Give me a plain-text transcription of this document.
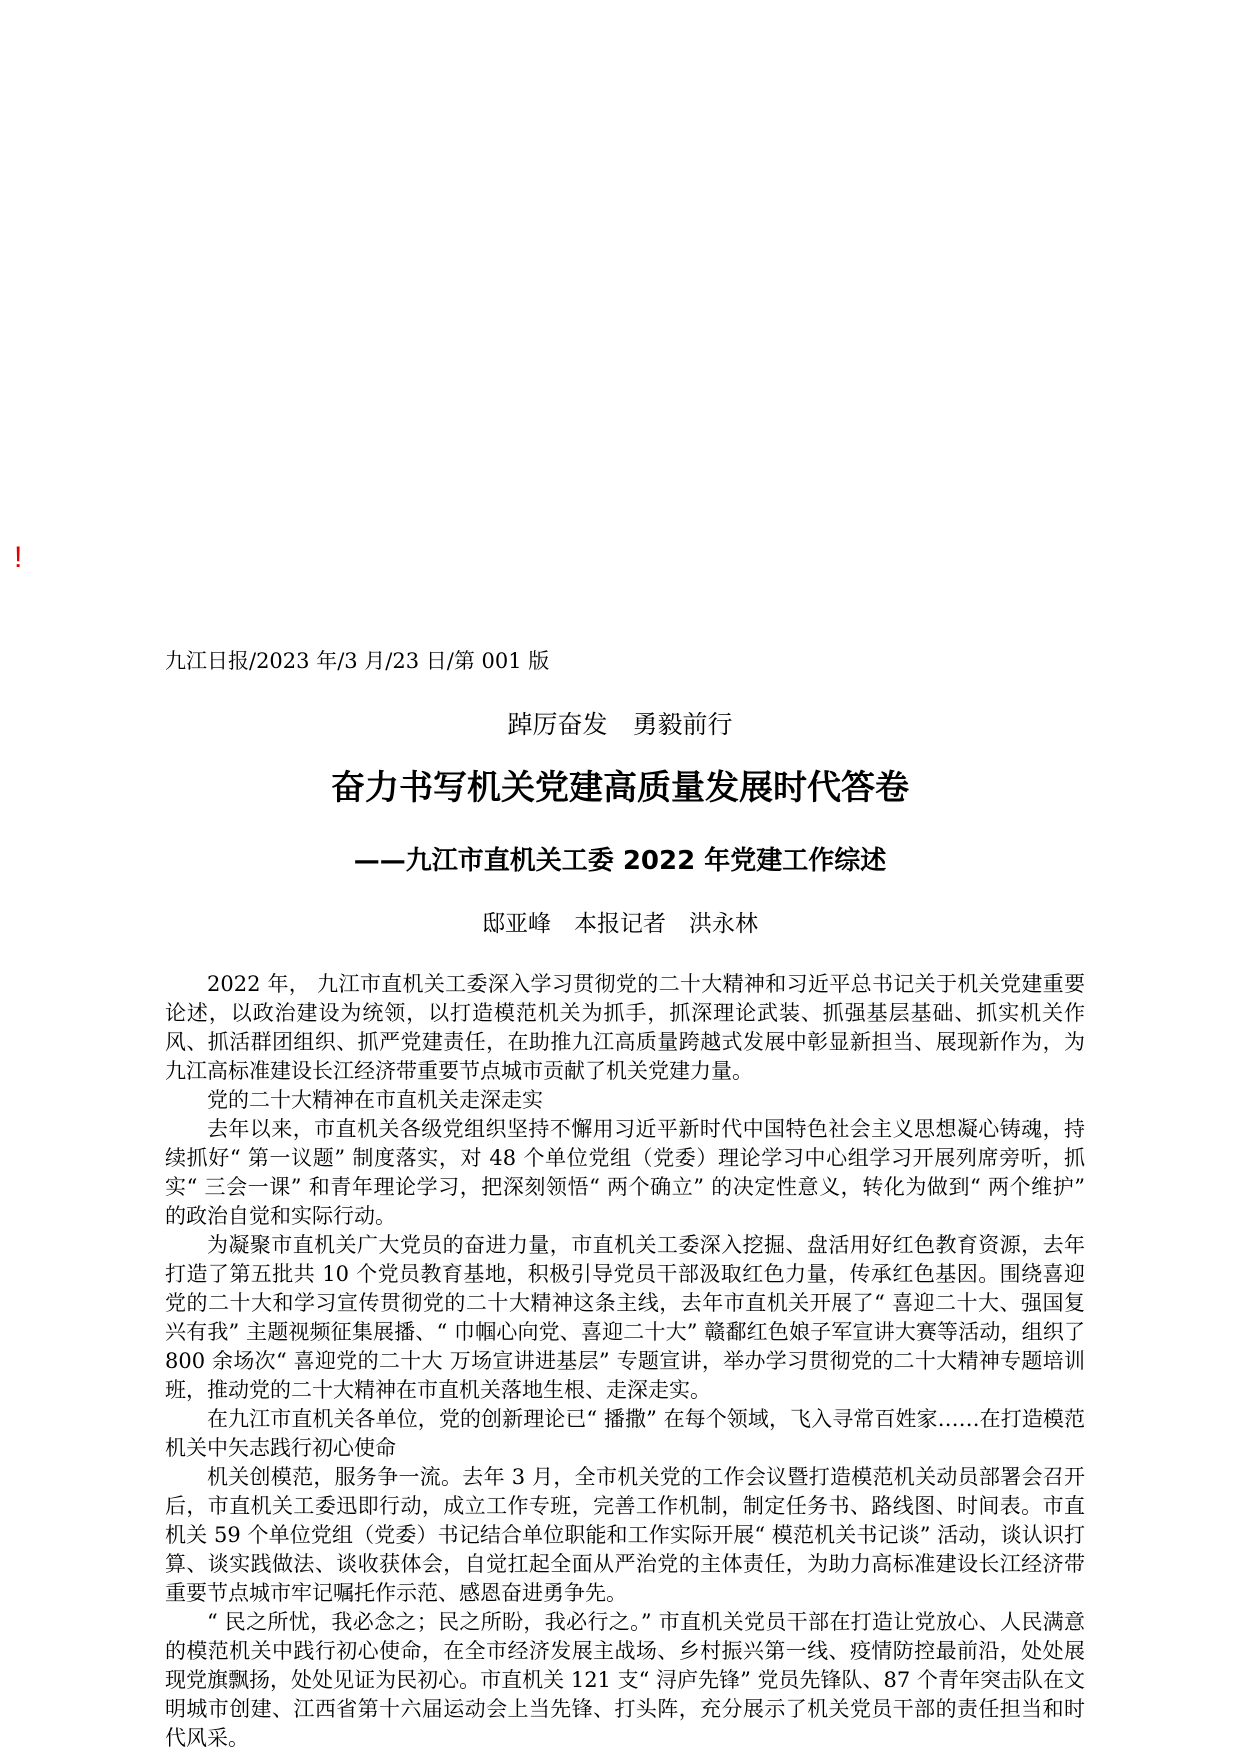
!
九江日报/2023 年/3 月/23 日/第 001 版
踔厉奋发　勇毅前行
奋力书写机关党建高质量发展时代答卷
——九江市直机关工委 2022 年党建工作综述
邸亚峰　本报记者　洪永林

2022 年， 九江市直机关工委深入学习贯彻党的二十大精神和习近平总书记关于机关党建重要论述，以政治建设为统领，以打造模范机关为抓手，抓深理论武装、抓强基层基础、抓实机关作风、抓活群团组织、抓严党建责任，在助推九江高质量跨越式发展中彰显新担当、展现新作为，为九江高标准建设长江经济带重要节点城市贡献了机关党建力量。

党的二十大精神在市直机关走深走实

去年以来，市直机关各级党组织坚持不懈用习近平新时代中国特色社会主义思想凝心铸魂，持续抓好“ 第一议题” 制度落实，对 48 个单位党组（党委）理论学习中心组学习开展列席旁听，抓实“ 三会一课” 和青年理论学习，把深刻领悟“ 两个确立” 的决定性意义，转化为做到“ 两个维护” 的政治自觉和实际行动。

为凝聚市直机关广大党员的奋进力量，市直机关工委深入挖掘、盘活用好红色教育资源，去年打造了第五批共 10 个党员教育基地，积极引导党员干部汲取红色力量，传承红色基因。围绕喜迎党的二十大和学习宣传贯彻党的二十大精神这条主线，去年市直机关开展了“ 喜迎二十大、强国复兴有我” 主题视频征集展播、“ 巾帼心向党、喜迎二十大” 赣鄱红色娘子军宣讲大赛等活动，组织了 800 余场次“ 喜迎党的二十大 万场宣讲进基层” 专题宣讲，举办学习贯彻党的二十大精神专题培训班，推动党的二十大精神在市直机关落地生根、走深走实。

在九江市直机关各单位，党的创新理论已“ 播撒” 在每个领域，飞入寻常百姓家……在打造模范机关中矢志践行初心使命

机关创模范，服务争一流。去年 3 月，全市机关党的工作会议暨打造模范机关动员部署会召开后，市直机关工委迅即行动，成立工作专班，完善工作机制，制定任务书、路线图、时间表。市直机关 59 个单位党组（党委）书记结合单位职能和工作实际开展“ 模范机关书记谈” 活动，谈认识打算、谈实践做法、谈收获体会，自觉扛起全面从严治党的主体责任，为助力高标准建设长江经济带重要节点城市牢记嘱托作示范、感恩奋进勇争先。

“ 民之所忧，我必念之；民之所盼，我必行之。” 市直机关党员干部在打造让党放心、人民满意的模范机关中践行初心使命，在全市经济发展主战场、乡村振兴第一线、疫情防控最前沿，处处展现党旗飘扬，处处见证为民初心。市直机关 121 支“ 浔庐先锋” 党员先锋队、87 个青年突击队在文明城市创建、江西省第十六届运动会上当先锋、打头阵，充分展示了机关党员干部的责任担当和时代风采。
